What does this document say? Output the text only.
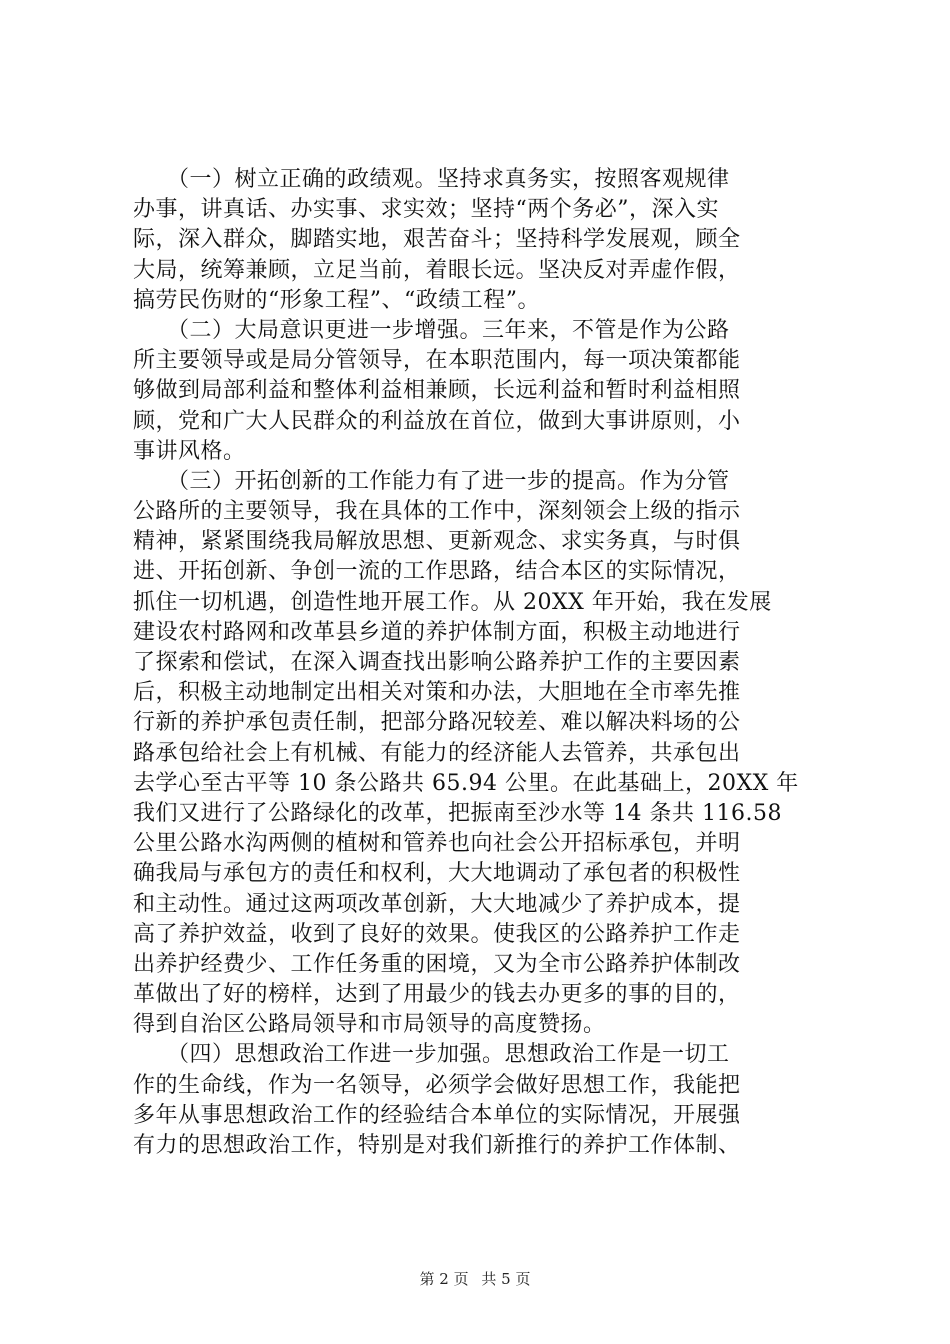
　　（一）树立正确的政绩观。坚持求真务实，按照客观规律
办事，讲真话、办实事、求实效；坚持“两个务必”，深入实
际，深入群众，脚踏实地，艰苦奋斗；坚持科学发展观，顾全
大局，统筹兼顾，立足当前，着眼长远。坚决反对弄虚作假，
搞劳民伤财的“形象工程”、“政绩工程”。
　　（二）大局意识更进一步增强。三年来，不管是作为公路
所主要领导或是局分管领导，在本职范围内，每一项决策都能
够做到局部利益和整体利益相兼顾，长远利益和暂时利益相照
顾，党和广大人民群众的利益放在首位，做到大事讲原则，小
事讲风格。
　　（三）开拓创新的工作能力有了进一步的提高。作为分管
公路所的主要领导，我在具体的工作中，深刻领会上级的指示
精神，紧紧围绕我局解放思想、更新观念、求实务真，与时俱
进、开拓创新、争创一流的工作思路，结合本区的实际情况，
抓住一切机遇，创造性地开展工作。从 20XX 年开始，我在发展
建设农村路网和改革县乡道的养护体制方面，积极主动地进行
了探索和偿试，在深入调查找出影响公路养护工作的主要因素
后，积极主动地制定出相关对策和办法，大胆地在全市率先推
行新的养护承包责任制，把部分路况较差、难以解决料场的公
路承包给社会上有机械、有能力的经济能人去管养，共承包出
去学心至古平等 10 条公路共 65.94 公里。在此基础上，20XX 年
我们又进行了公路绿化的改革，把振南至沙水等 14 条共 116.58
公里公路水沟两侧的植树和管养也向社会公开招标承包，并明
确我局与承包方的责任和权利，大大地调动了承包者的积极性
和主动性。通过这两项改革创新，大大地减少了养护成本，提
高了养护效益，收到了良好的效果。使我区的公路养护工作走
出养护经费少、工作任务重的困境，又为全市公路养护体制改
革做出了好的榜样，达到了用最少的钱去办更多的事的目的，
得到自治区公路局领导和市局领导的高度赞扬。
　　（四）思想政治工作进一步加强。思想政治工作是一切工
作的生命线，作为一名领导，必须学会做好思想工作，我能把
多年从事思想政治工作的经验结合本单位的实际情况，开展强
有力的思想政治工作，特别是对我们新推行的养护工作体制、
第 2 页 共 5 页
